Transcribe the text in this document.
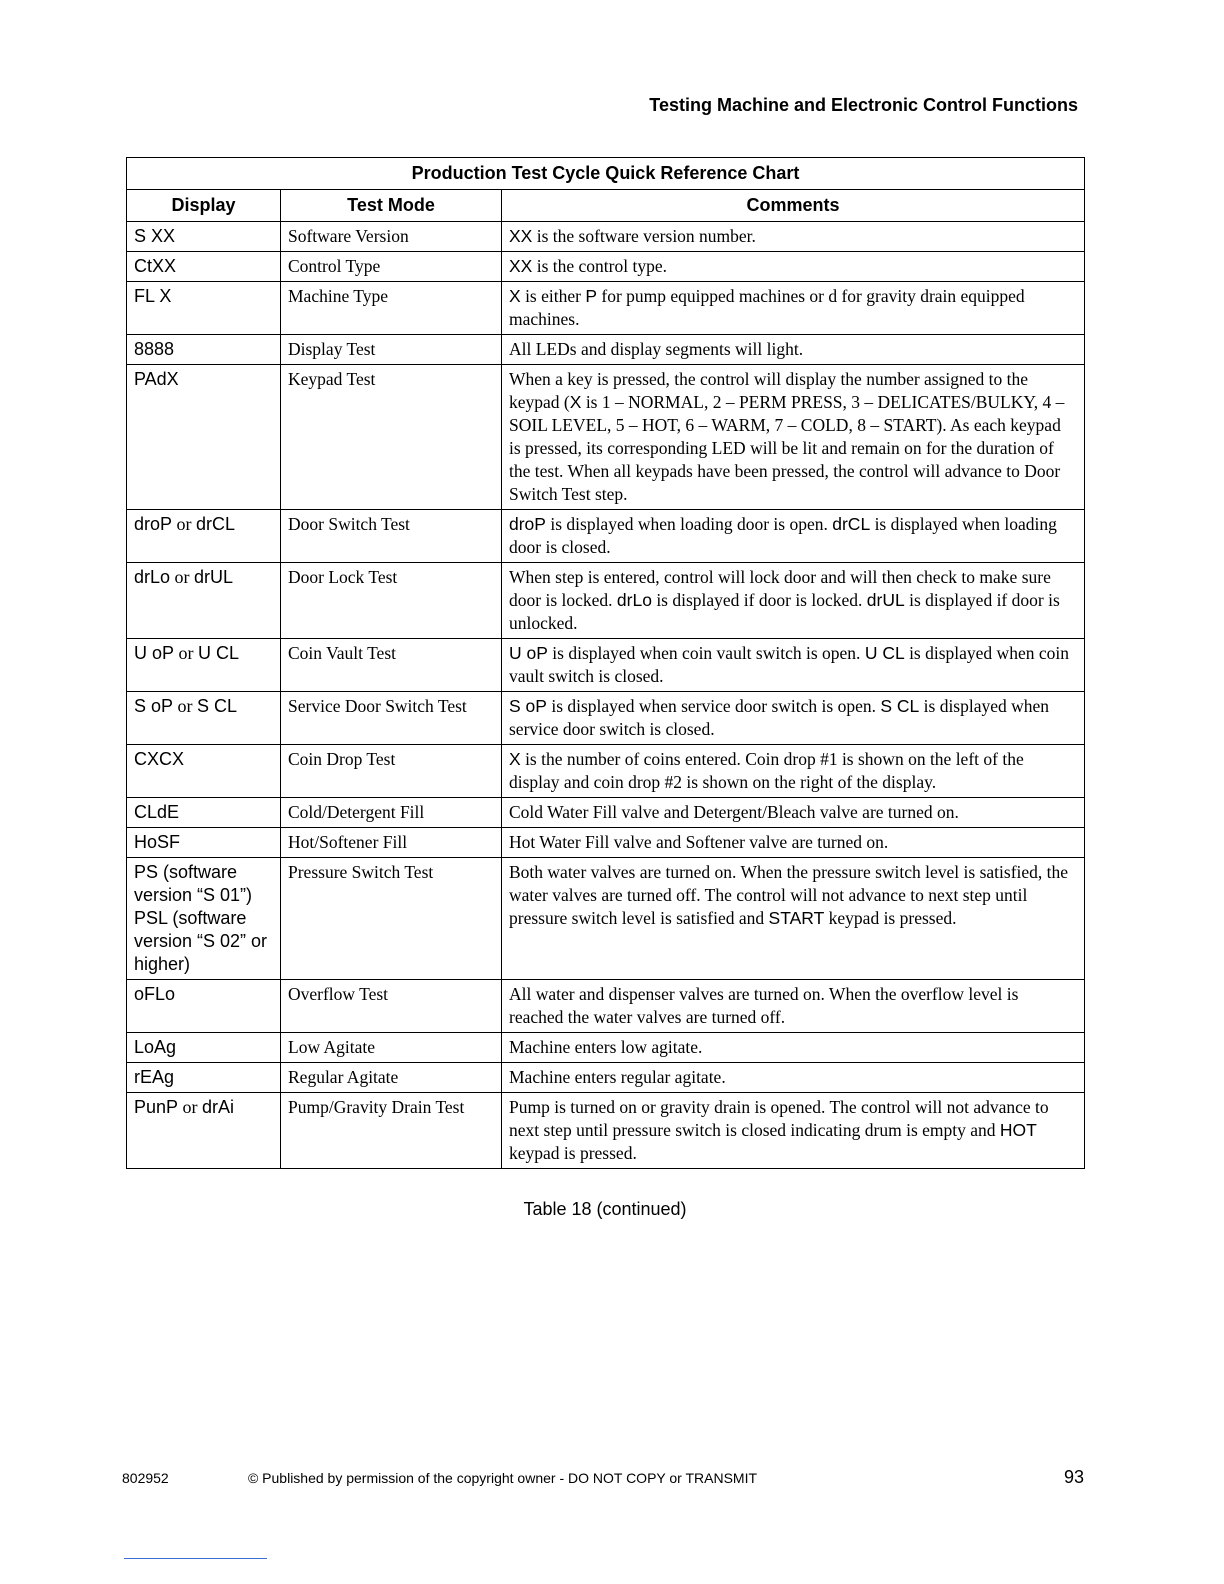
Testing Machine and Electronic Control Functions
Production Test Cycle Quick Reference Chart		
Display	Test Mode	Comments
S XX	Software Version	XX is the software version number.
CtXX	Control Type	XX is the control type.
FL X	Machine Type	X is either P for pump equipped machines or d for gravity drain equipped machines.
8888	Display Test	All LEDs and display segments will light.
PAdX	Keypad Test	When a key is pressed, the control will display the number assigned to the keypad (X is 1 – NORMAL, 2 – PERM PRESS, 3 – DELICATES/BULKY, 4 – SOIL LEVEL, 5 – HOT, 6 – WARM, 7 – COLD, 8 – START). As each keypad is pressed, its corresponding LED will be lit and remain on for the duration of the test. When all keypads have been pressed, the control will advance to Door Switch Test step.
droP or drCL	Door Switch Test	droP is displayed when loading door is open. drCL is displayed when loading door is closed.
drLo or drUL	Door Lock Test	When step is entered, control will lock door and will then check to make sure door is locked. drLo is displayed if door is locked. drUL is displayed if door is unlocked.
U oP or U CL	Coin Vault Test	U oP is displayed when coin vault switch is open. U CL is displayed when coin vault switch is closed.
S oP or S CL	Service Door Switch Test	S oP is displayed when service door switch is open. S CL is displayed when service door switch is closed.
CXCX	Coin Drop Test	X is the number of coins entered. Coin drop #1 is shown on the left of the display and coin drop #2 is shown on the right of the display.
CLdE	Cold/Detergent Fill	Cold Water Fill valve and Detergent/Bleach valve are turned on.
HoSF	Hot/Softener Fill	Hot Water Fill valve and Softener valve are turned on.
PS (software version “S 01”) PSL (software version “S 02” or higher)	Pressure Switch Test	Both water valves are turned on. When the pressure switch level is satisfied, the water valves are turned off. The control will not advance to next step until pressure switch level is satisfied and START keypad is pressed.
oFLo	Overflow Test	All water and dispenser valves are turned on. When the overflow level is reached the water valves are turned off.
LoAg	Low Agitate	Machine enters low agitate.
rEAg	Regular Agitate	Machine enters regular agitate.
PunP or drAi	Pump/Gravity Drain Test	Pump is turned on or gravity drain is opened. The control will not advance to next step until pressure switch is closed indicating drum is empty and HOT keypad is pressed.
Table 18 (continued)
802952	© Published by permission of the copyright owner - DO NOT COPY or TRANSMIT	93
